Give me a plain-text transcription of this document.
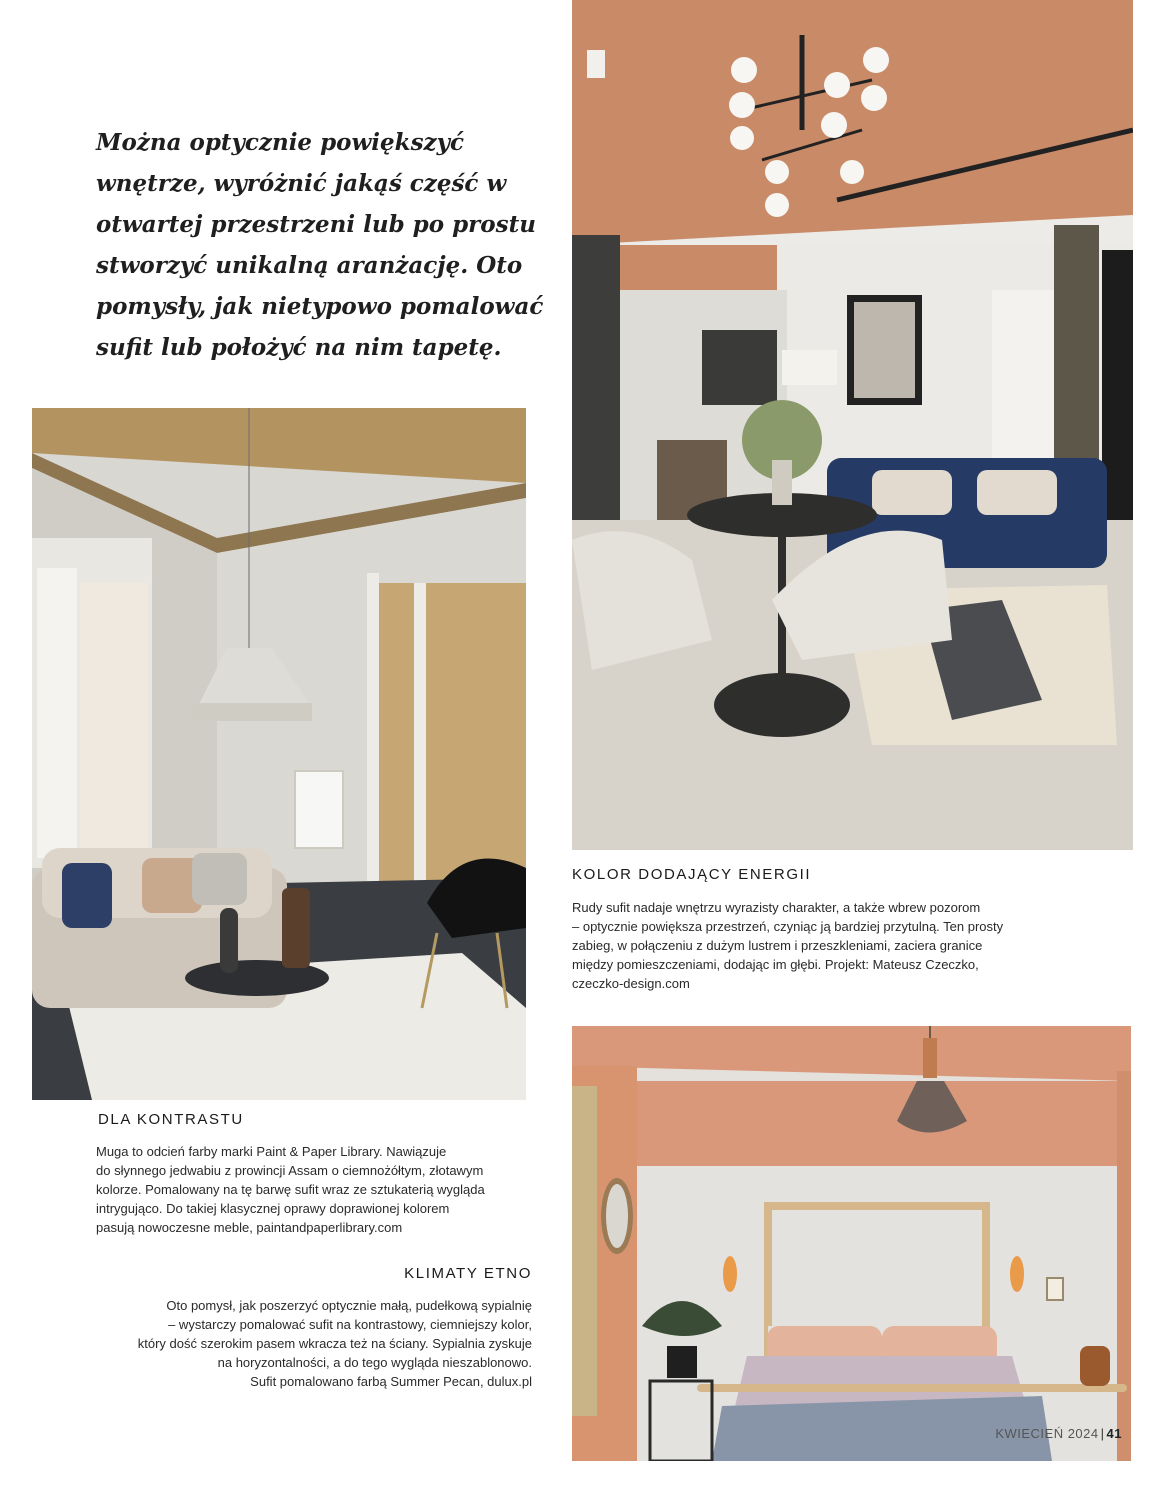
Można optycznie powiększyć wnętrze, wyróżnić jakąś część w otwartej przestrzeni lub po prostu stworzyć unikalną aranżację. Oto pomysły, jak nietypowo pomalować sufit lub położyć na nim tapetę.

KOLOR DODAJĄCY ENERGII

Rudy sufit nadaje wnętrzu wyrazisty charakter, a także wbrew pozorom
– optycznie powiększa przestrzeń, czyniąc ją bardziej przytulną. Ten prosty
zabieg, w połączeniu z dużym lustrem i przeszkleniami, zaciera granice
między pomieszczeniami, dodając im głębi. Projekt: Mateusz Czeczko,
czeczko-design.com

DLA KONTRASTU

Muga to odcień farby marki Paint & Paper Library. Nawiązuje
do słynnego jedwabiu z prowincji Assam o ciemnożółtym, złotawym
kolorze. Pomalowany na tę barwę sufit wraz ze sztukaterią wygląda
intrygująco. Do takiej klasycznej oprawy doprawionej kolorem
pasują nowoczesne meble, paintandpaperlibrary.com

KLIMATY ETNO

Oto pomysł, jak poszerzyć optycznie małą, pudełkową sypialnię
– wystarczy pomalować sufit na kontrastowy, ciemniejszy kolor,
który dość szerokim pasem wkracza też na ściany. Sypialnia zyskuje
na horyzontalności, a do tego wygląda nieszablonowo.
Sufit pomalowano farbą Summer Pecan, dulux.pl

KWIECIEŃ 2024 | 41
